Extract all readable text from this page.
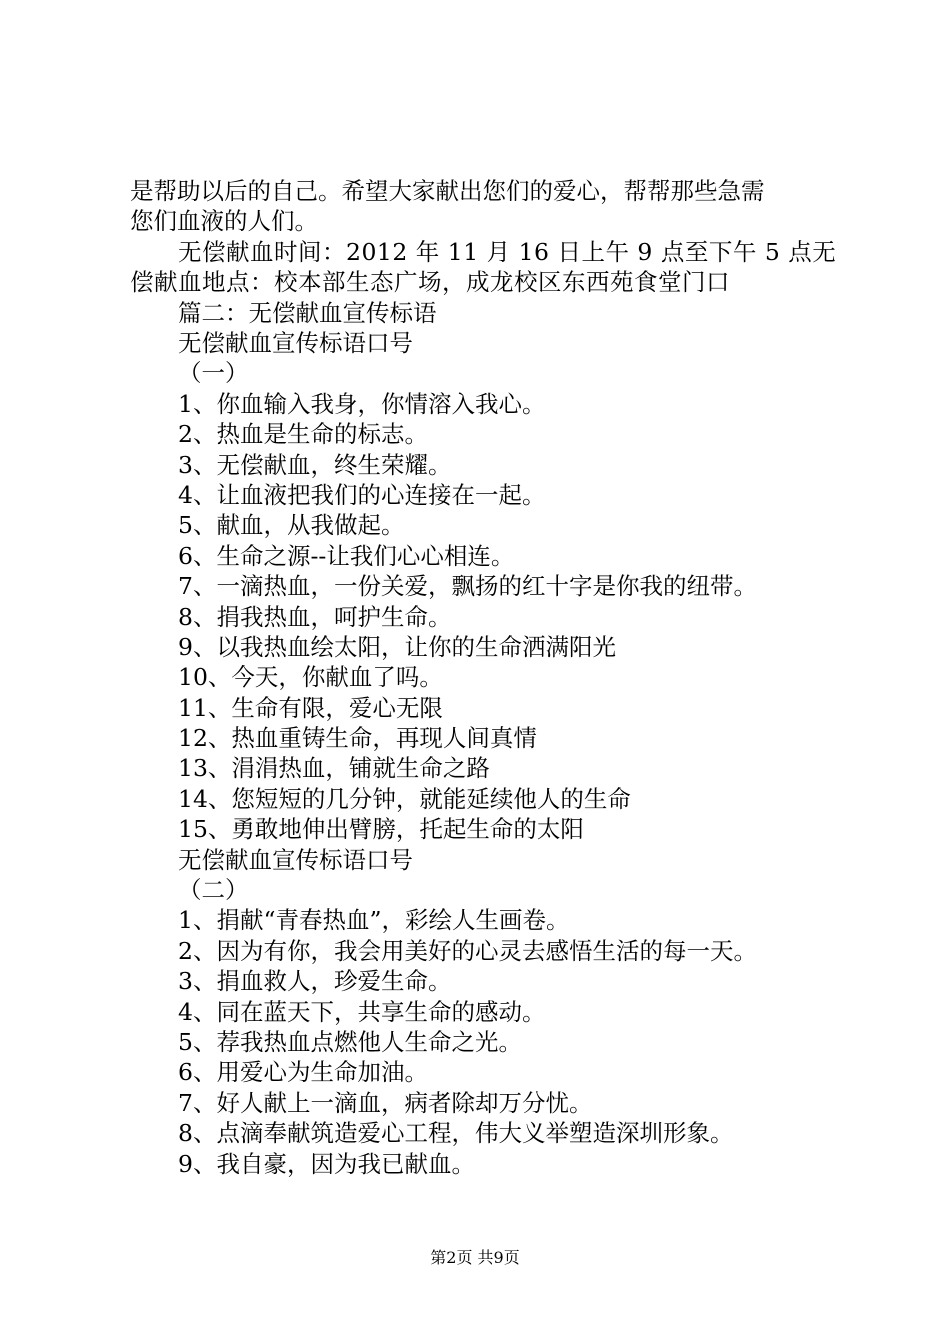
是帮助以后的自己。希望大家献出您们的爱心，帮帮那些急需
您们血液的人们。
无偿献血时间：2012 年 11 月 16 日上午 9 点至下午 5 点无偿献血地点：校本部生态广场，成龙校区东西苑食堂门口
篇二：无偿献血宣传标语
无偿献血宣传标语口号
（一）
1、你血输入我身，你情溶入我心。
2、热血是生命的标志。
3、无偿献血，终生荣耀。
4、让血液把我们的心连接在一起。
5、献血，从我做起。
6、生命之源--让我们心心相连。
7、一滴热血，一份关爱，飘扬的红十字是你我的纽带。
8、捐我热血，呵护生命。
9、以我热血绘太阳，让你的生命洒满阳光
10、今天，你献血了吗。
11、生命有限，爱心无限
12、热血重铸生命，再现人间真情
13、涓涓热血，铺就生命之路
14、您短短的几分钟，就能延续他人的生命
15、勇敢地伸出臂膀，托起生命的太阳
无偿献血宣传标语口号
（二）
1、捐献“青春热血”，彩绘人生画卷。
2、因为有你，我会用美好的心灵去感悟生活的每一天。
3、捐血救人，珍爱生命。
4、同在蓝天下，共享生命的感动。
5、荐我热血点燃他人生命之光。
6、用爱心为生命加油。
7、好人献上一滴血，病者除却万分忧。
8、点滴奉献筑造爱心工程，伟大义举塑造深圳形象。
9、我自豪，因为我已献血。
第2页 共9页
